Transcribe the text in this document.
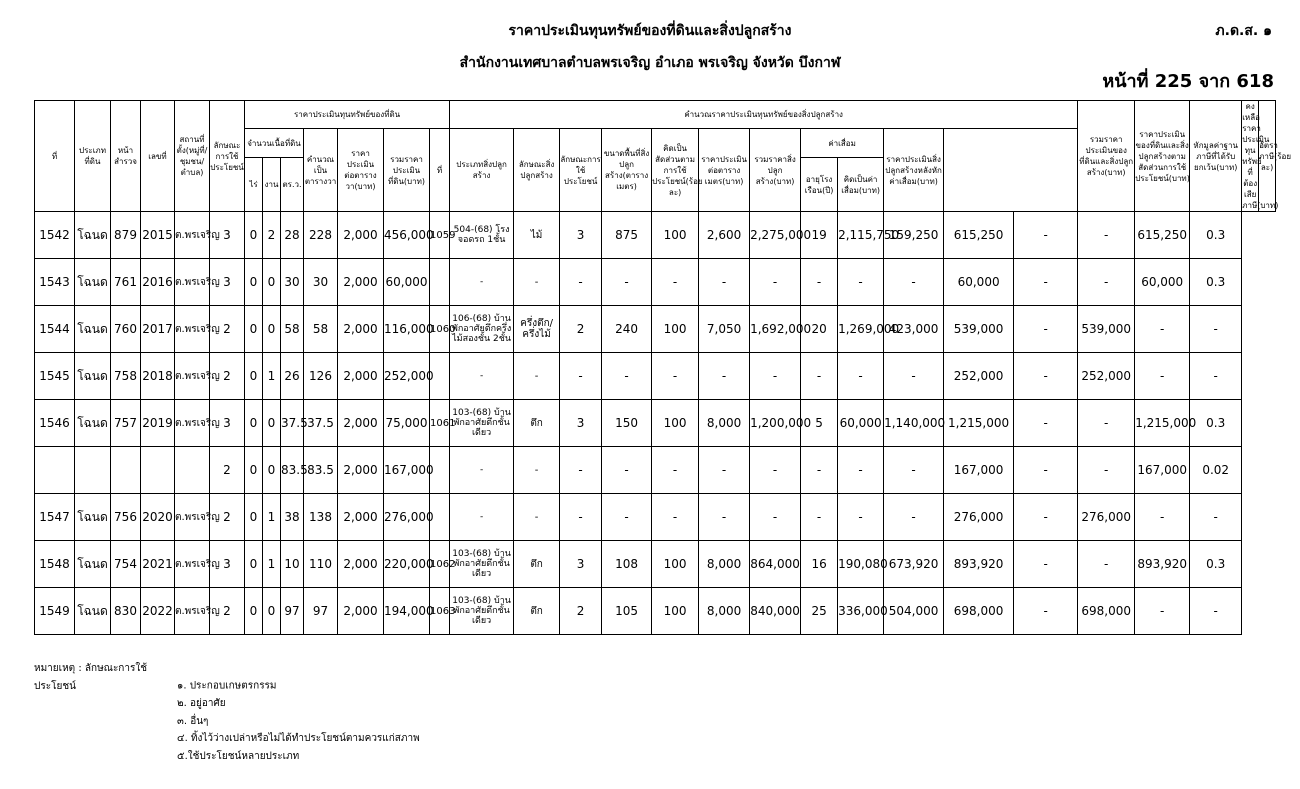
ราคาประเมินทุนทรัพย์ของที่ดินและสิ่งปลูกสร้าง
สำนักงานเทศบาลตำบลพรเจริญ อำเภอ พรเจริญ จังหวัด บึงกาฬ
ภ.ด.ส. ๑
หน้าที่ 225 จาก 618
ที่	ประเภทที่ดิน	หน้าสำรวจ	เลขที่	สถานที่ตั้ง(หมู่ที่/ชุมชน/ตำบล)	ลักษณะการใช้ประโยชน์	ราคาประเมินทุนทรัพย์ของที่ดิน							คำนวณราคาประเมินทุนทรัพย์ของสิ่งปลูกสร้าง												รวมราคาประเมินของที่ดินและสิ่งปลูกสร้าง(บาท)	ราคาประเมินของที่ดินและสิ่งปลูกสร้างตามสัดส่วนการใช้ประโยชน์(บาท)	หักมูลค่าฐานภาษีที่ได้รับยกเว้น(บาท)	คงเหลือราคาประเมินทุนทรัพย์ที่ต้องเสียภาษี(บาท)	อัตราภาษี(ร้อยละ)
						จำนวนเนื้อที่ดิน			คำนวณเป็นตารางวา	ราคาประเมินต่อตารางวา(บาท)	รวมราคาประเมินที่ดิน(บาท)	ที่	ประเภทสิ่งปลูกสร้าง	ลักษณะสิ่งปลูกสร้าง	ลักษณะการใช้ประโยชน์	ขนาดพื้นที่สิ่งปลูกสร้าง(ตารางเมตร)	คิดเป็นสัดส่วนตามการใช้ประโยชน์(ร้อยละ)	ราคาประเมินต่อตารางเมตร(บาท)	รวมราคาสิ่งปลูกสร้าง(บาท)	ค่าเสื่อม		ราคาประเมินสิ่งปลูกสร้างหลังหักค่าเสื่อม(บาท)							
						ไร่	งาน	ตร.ว.												อายุโรงเรือน(ปี)	คิดเป็นค่าเสื่อม(บาท)								
1542	โฉนด	879	2015	ต.พรเจริญ	3	0	2	28	228	2,000	456,000	1059	504-(68) โรงจอดรถ 1ชั้น	ไม้	3	875	100	2,600	2,275,000	19	2,115,750	159,250	615,250	-	-	615,250	0.3		
1543	โฉนด	761	2016	ต.พรเจริญ	3	0	0	30	30	2,000	60,000		-	-	-	-	-	-	-	-	-	-	60,000	-	-	60,000	0.3		
1544	โฉนด	760	2017	ต.พรเจริญ	2	0	0	58	58	2,000	116,000	1060	106-(68) บ้านพักอาศัยตึกครึ่งไม้สองชั้น 2ชั้น	ครึ่งตึก/ครึ่งไม้	2	240	100	7,050	1,692,000	20	1,269,000	423,000	539,000	-	539,000	-	-		
1545	โฉนด	758	2018	ต.พรเจริญ	2	0	1	26	126	2,000	252,000		-	-	-	-	-	-	-	-	-	-	252,000	-	252,000	-	-		
1546	โฉนด	757	2019	ต.พรเจริญ	3	0	0	37.5	37.5	2,000	75,000	1061	103-(68) บ้านพักอาศัยตึกชั้นเดียว	ตึก	3	150	100	8,000	1,200,000	5	60,000	1,140,000	1,215,000	-	-	1,215,000	0.3		
					2	0	0	83.5	83.5	2,000	167,000		-	-	-	-	-	-	-	-	-	-	167,000	-	-	167,000	0.02		
1547	โฉนด	756	2020	ต.พรเจริญ	2	0	1	38	138	2,000	276,000		-	-	-	-	-	-	-	-	-	-	276,000	-	276,000	-	-		
1548	โฉนด	754	2021	ต.พรเจริญ	3	0	1	10	110	2,000	220,000	1062	103-(68) บ้านพักอาศัยตึกชั้นเดียว	ตึก	3	108	100	8,000	864,000	16	190,080	673,920	893,920	-	-	893,920	0.3		
1549	โฉนด	830	2022	ต.พรเจริญ	2	0	0	97	97	2,000	194,000	1063	103-(68) บ้านพักอาศัยตึกชั้นเดียว	ตึก	2	105	100	8,000	840,000	25	336,000	504,000	698,000	-	698,000	-	-		
หมายเหตุ : ลักษณะการใช้ประโยชน์	๑. ประกอบเกษตรกรรม
๒. อยู่อาศัย
๓. อื่นๆ
๔. ทิ้งไว้ว่างเปล่าหรือไม่ได้ทำประโยชน์ตามควรแก่สภาพ
๕.ใช้ประโยชน์หลายประเภท
